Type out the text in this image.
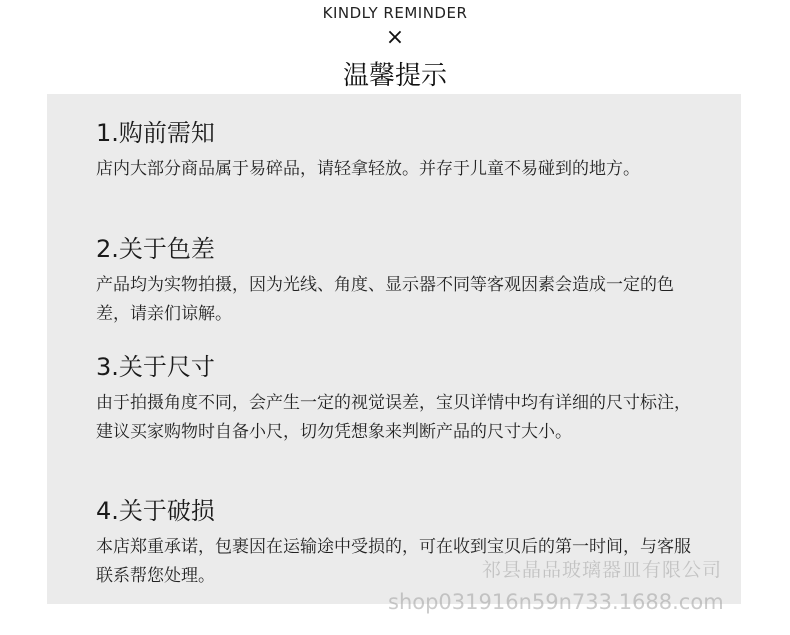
KINDLY REMINDER
×
温馨提示

1.购前需知

店内大部分商品属于易碎品，请轻拿轻放。并存于儿童不易碰到的地方。

2.关于色差

产品均为实物拍摄，因为光线、角度、显示器不同等客观因素会造成一定的色差，请亲们谅解。

3.关于尺寸

由于拍摄角度不同，会产生一定的视觉误差，宝贝详情中均有详细的尺寸标注，建议买家购物时自备小尺，切勿凭想象来判断产品的尺寸大小。

4.关于破损

本店郑重承诺，包裹因在运输途中受损的，可在收到宝贝后的第一时间，与客服联系帮您处理。	祁县晶品玻璃器皿有限公司
shop031916n59n733.1688.com
